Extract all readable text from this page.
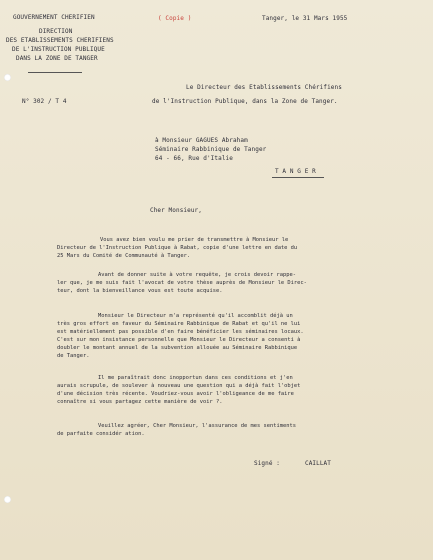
GOUVERNEMENT CHERIFIEN
DIRECTION
DES ETABLISSEMENTS CHERIFIENS
DE L'INSTRUCTION PUBLIQUE
DANS LA ZONE DE TANGER
N° 302 / T 4
( Copie )	Tanger, le 31 Mars 1955
Le Directeur des Etablissements Chérifiens
de l'Instruction Publique, dans la Zone de Tanger.
à Monsieur GAGUES Abraham
Séminaire Rabbinique de Tanger
64 - 66, Rue d'Italie
T A N G E R
Cher Monsieur,
Vous avez bien voulu me prier de transmettre à Monsieur le
Directeur de l'Instruction Publique à Rabat, copie d'une lettre en date du
25 Mars du Comité de Communauté à Tanger.
Avant de donner suite à votre requête, je crois devoir rappe-
ler que, je me suis fait l'avocat de votre thèse auprès de Monsieur le Direc-
teur, dont la bienveillance vous est toute acquise.
Monsieur le Directeur m'a représenté qu'il accomblit déjà un
très gros effort en faveur du Séminaire Rabbinique de Rabat et qu'il ne lui
est matériellement pas possible d'en faire bénéficier les séminaires locaux.
C'est sur mon insistance personnelle que Monsieur le Directeur a consenti à
doubler le montant annuel de la subvention allouée au Séminaire Rabbinique
de Tanger.
Il me paraîtrait donc inopportun dans ces conditions et j'en
aurais scrupule, de soulever à nouveau une question qui a déjà fait l'objet
d'une décision très récente. Voudriez-vous avoir l'obligeance de me faire
connaître si vous partagez cette manière de voir ?.
Veuillez agréer, Cher Monsieur, l'assurance de mes sentiments
de parfaite considér ation.
Signé :	CAILLAT
